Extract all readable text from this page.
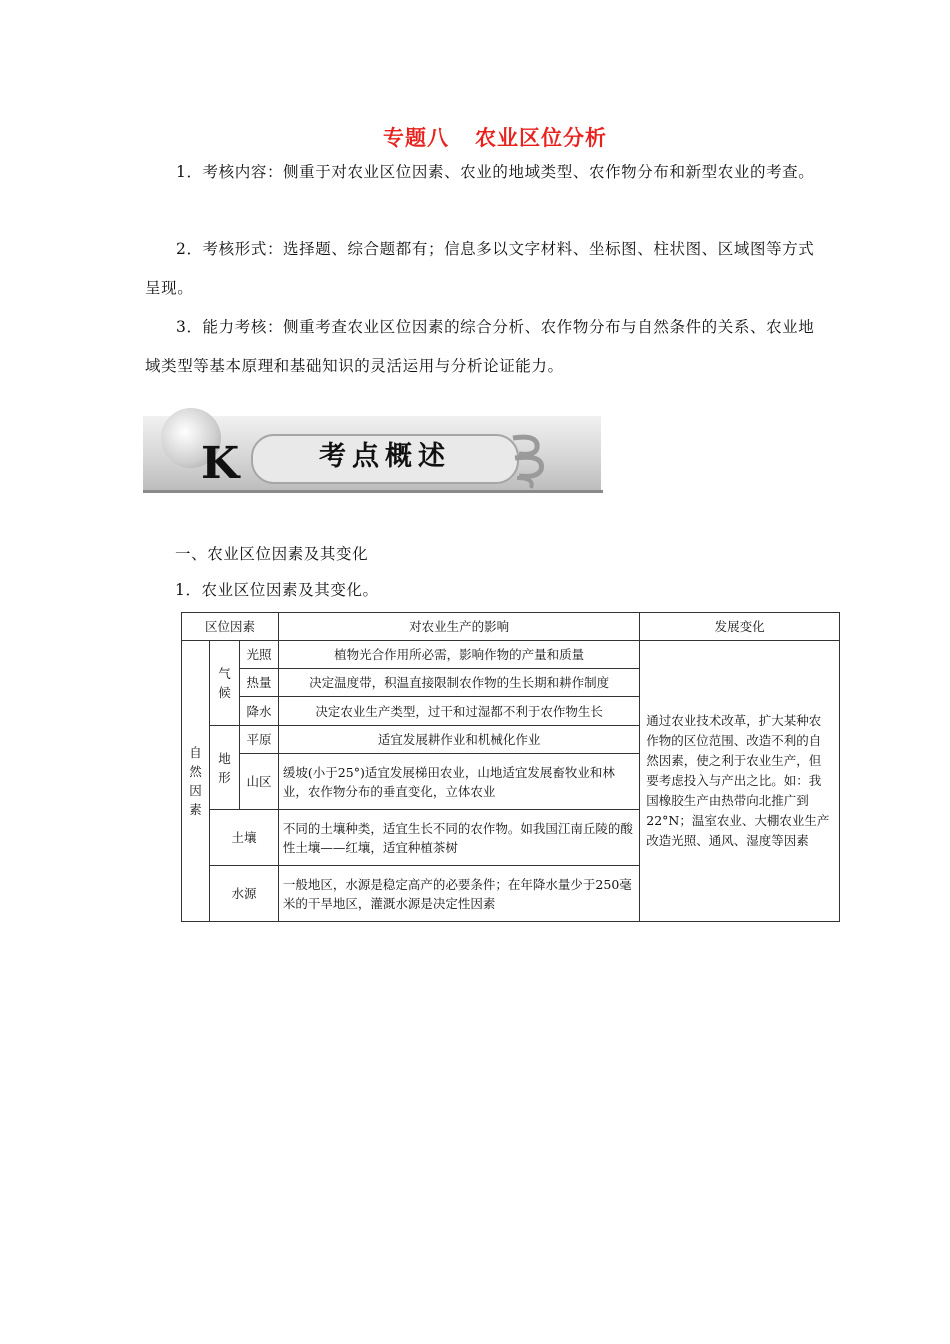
专题八 农业区位分析

1．考核内容：侧重于对农业区位因素、农业的地域类型、农作物分布和新型农业的考查。

2．考核形式：选择题、综合题都有；信息多以文字材料、坐标图、柱状图、区域图等方式呈现。

3．能力考核：侧重考查农业区位因素的综合分析、农作物分布与自然条件的关系、农业地域类型等基本原理和基础知识的灵活运用与分析论证能力。

K	考点概述
一、农业区位因素及其变化
1．农业区位因素及其变化。
区位因素			对农业生产的影响	发展变化

自然因素	气候	光照	植物光合作用所必需，影响作物的产量和质量	通过农业技术改革，扩大某种农作物的区位范围、改造不利的自然因素，使之利于农业生产，但要考虑投入与产出之比。如：我国橡胶生产由热带向北推广到22°N；温室农业、大棚农业生产改造光照、通风、湿度等因素
		热量	决定温度带，积温直接限制农作物的生长期和耕作制度	
		降水	决定农业生产类型，过干和过湿都不利于农作物生长	

	地形	平原	适宜发展耕作业和机械化作业	
		山区	缓坡(小于25°)适宜发展梯田农业，山地适宜发展畜牧业和林业，农作物分布的垂直变化，立体农业	
	土壤		不同的土壤种类，适宜生长不同的农作物。如我国江南丘陵的酸性土壤——红壤，适宜种植茶树	
	水源		一般地区，水源是稳定高产的必要条件；在年降水量少于250毫米的干旱地区，灌溉水源是决定性因素	
